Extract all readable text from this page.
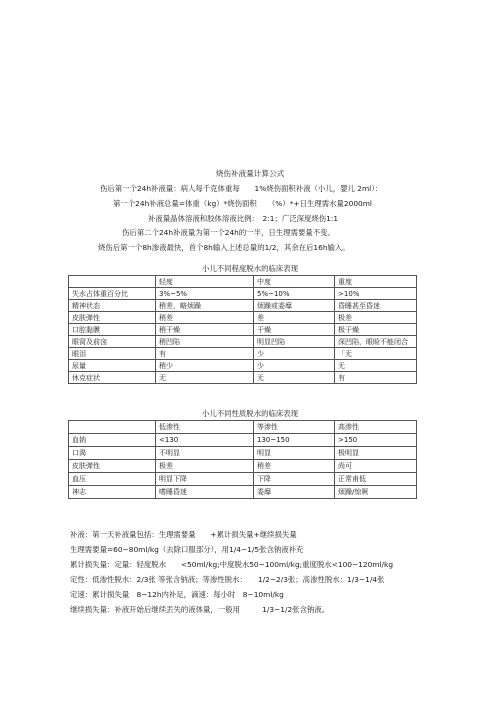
烧伤补液量计算公式
伤后第一个24h补液量：病人每千克体重每　　1%烧伤面积补液（小儿，婴儿 2ml）：
第一个24h补液总量=体重（kg）*烧伤面积　　（%）*+日生理需水量2000ml
补液量晶体溶液和胶体溶液比例：　2:1；广泛深度烧伤1:1
伤后第二个24h补液量为第一个24h的一半，日生理需要量不变。
烧伤后第一个8h渗液最快，首个8h输入上述总量的1/2，其余在后16h输入。
小儿不同程度脱水的临床表现
	轻度	中度	重度
失水占体重百分比	3%~5%	5%~10%	>10%
精神状态	稍差，略烦躁	烦躁或委靡	昏睡甚至昏迷
皮肤弹性	稍差	差	极差
口腔黏膜	稍干燥	干燥	极干燥
眼窝及前囟	稍凹陷	明显凹陷	深凹陷，眼睑不能闭合
眼泪	有	少	「无
尿量	稍少	少	无
休克症状	无	无	有
小儿不同性质脱水的临床表现
	低渗性	等渗性	高渗性
血钠	<130	130~150	>150
口渴	不明显	明显	极明显
皮肤弹性	极差	稍差	尚可
血压	明显下降	下降	正常甫低
神志	嗜睡昏迷	委靡	烦躁/惊厥
补液：第一天补液量包括：生理需要量　　+累计损失量+继续损失量
生理需要量=60~80ml/kg（去除口服部分），用1/4~1/5张含钠液补充
累计损失量：定量：轻度脱水　　<50ml/kg;中度脱水50~100ml/kg;重度脱水<100~120ml/kg
定性：低渗性脱水：2/3张 等张含钠液；等渗性脱水：　　1/2~2/3张；高渗性脱水：1/3~1/4张
定速：累计损失量　8~12h内补足，滴速：每小时　8~10ml/kg
继续损失量：补液开始后继续丢失的液体量，一般用　　　1/3~1/2张含钠液。
